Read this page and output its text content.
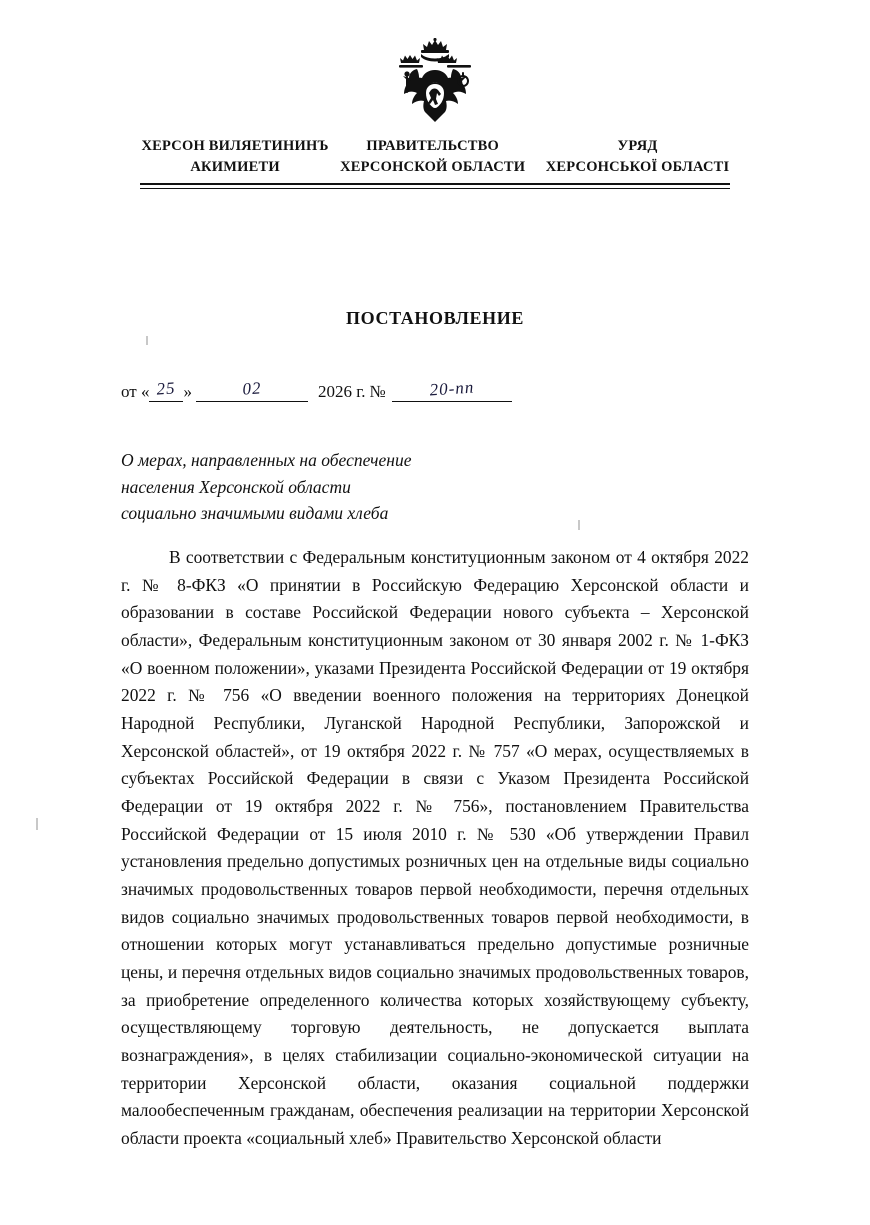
ХЕРСОН ВИЛЯЕТИНИНЪ
АКИМИЕТИ
ПРАВИТЕЛЬСТВО
ХЕРСОНСКОЙ ОБЛАСТИ
УРЯД
ХЕРСОНСЬКОЇ ОБЛАСТІ
ПОСТАНОВЛЕНИЕ
от « 25 »	02	2026 г. №	20-пп
О мерах, направленных на обеспечение
населения Херсонской области
социально значимыми видами хлеба

В соответствии с Федеральным конституционным законом от 4 октября 2022 г. № 8-ФКЗ «О принятии в Российскую Федерацию Херсонской области и образовании в составе Российской Федерации нового субъекта – Херсонской области», Федеральным конституционным законом от 30 января 2002 г. № 1-ФКЗ «О военном положении», указами Президента Российской Федерации от 19 октября 2022 г. № 756 «О введении военного положения на территориях Донецкой Народной Республики, Луганской Народной Республики, Запорожской и Херсонской областей», от 19 октября 2022 г. № 757 «О мерах, осуществляемых в субъектах Российской Федерации в связи с Указом Президента Российской Федерации от 19 октября 2022 г. № 756», постановлением Правительства Российской Федерации от 15 июля 2010 г. № 530 «Об утверждении Правил установления предельно допустимых розничных цен на отдельные виды социально значимых продовольственных товаров первой необходимости, перечня отдельных видов социально значимых продовольственных товаров первой необходимости, в отношении которых могут устанавливаться предельно допустимые розничные цены, и перечня отдельных видов социально значимых продовольственных товаров, за приобретение определенного количества которых хозяйствующему субъекту, осуществляющему торговую деятельность, не допускается выплата вознаграждения», в целях стабилизации социально-экономической ситуации на территории Херсонской области, оказания социальной поддержки малообеспеченным гражданам, обеспечения реализации на территории Херсонской области проекта «социальный хлеб» Правительство Херсонской области
